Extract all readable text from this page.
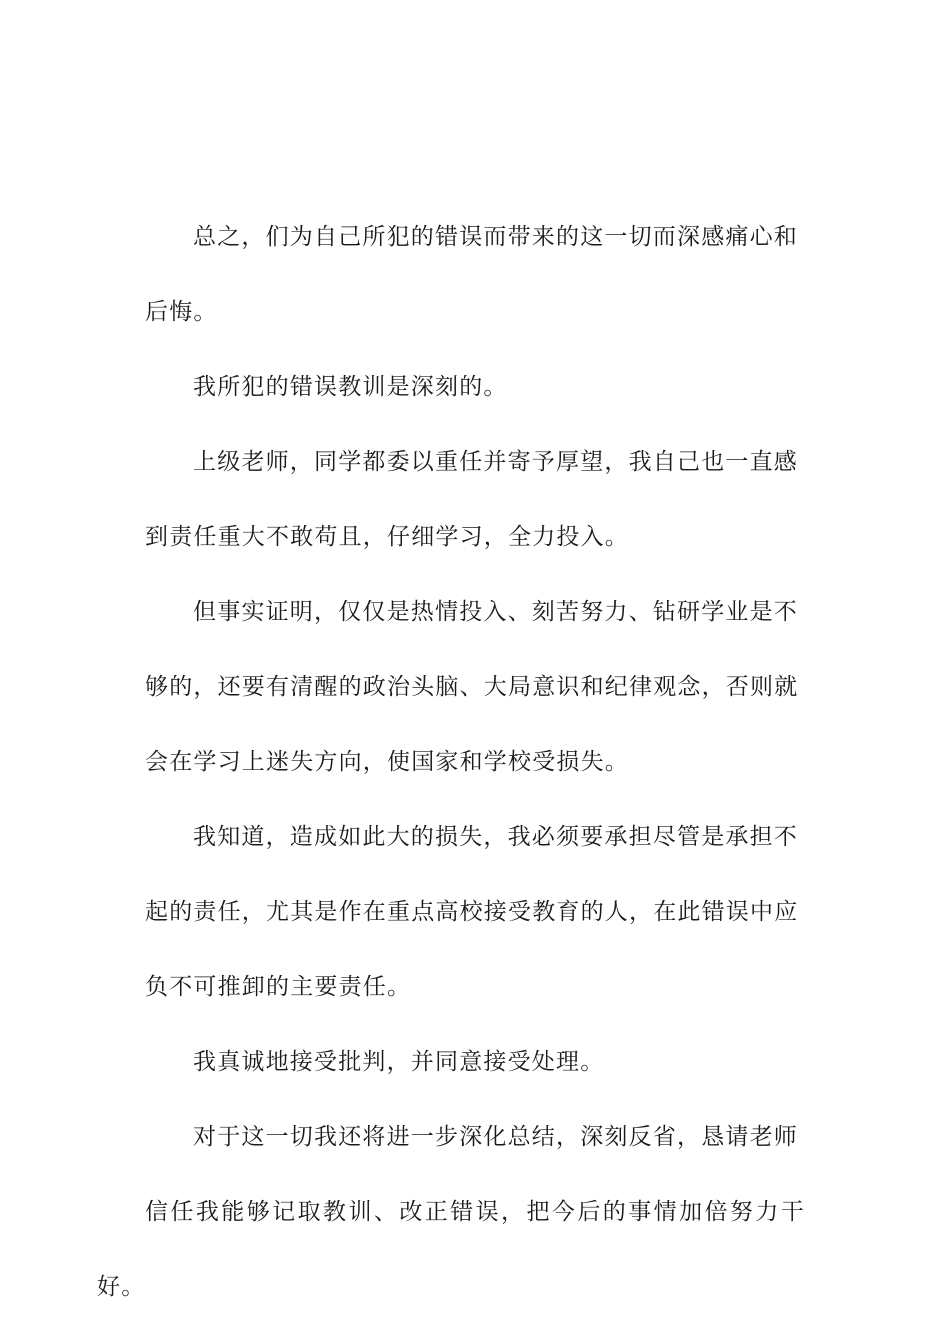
总之，们为自己所犯的错误而带来的这一切而深感痛心和
后悔。

我所犯的错误教训是深刻的。

上级老师，同学都委以重任并寄予厚望，我自己也一直感
到责任重大不敢苟且，仔细学习，全力投入。

但事实证明，仅仅是热情投入、刻苦努力、钻研学业是不
够的，还要有清醒的政治头脑、大局意识和纪律观念，否则就
会在学习上迷失方向，使国家和学校受损失。

我知道，造成如此大的损失，我必须要承担尽管是承担不
起的责任，尤其是作在重点高校接受教育的人，在此错误中应
负不可推卸的主要责任。

我真诚地接受批判，并同意接受处理。

对于这一切我还将进一步深化总结，深刻反省，恳请老师
信任我能够记取教训、改正错误，把今后的事情加倍努力干好。
